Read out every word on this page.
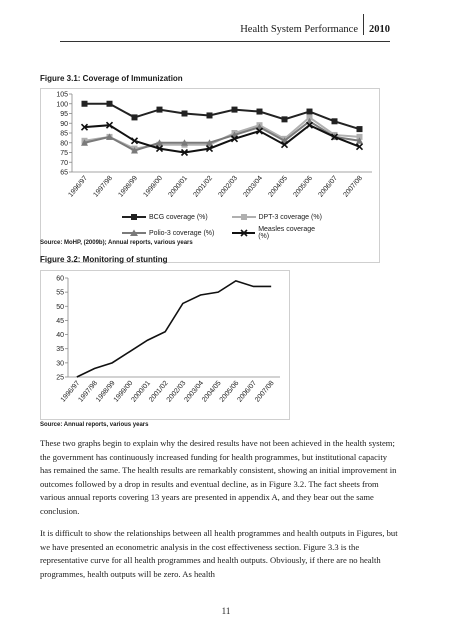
Health System Performance	2010
Figure 3.1: Coverage of Immunization
65
70
75
80
85
90
95
100
105
1996/97 1997/98 1998/99 1999/00 2000/01 2001/02 2002/03 2003/04 2004/05 2005/06 2006/07 2007/08
BCG coverage (%)	DPT-3 coverage (%)
Polio-3 coverage (%)	Measles coverage (%)
Source: MoHP, (2009b); Annual reports, various years
Figure 3.2: Monitoring of stunting
25
30
35
40
45
50
55
60
1996/97
1997/98
1998/99
1999/00
2000/01
2001/02
2002/03
2003/04
2004/05
2005/06
2006/07
2007/08
Source: Annual reports, various years

These two graphs begin to explain why the desired results have not been achieved in the health system; the government has continuously increased funding for health programmes, but institutional capacity has remained the same. The health results are remarkably consistent, showing an initial improvement in outcomes followed by a drop in results and eventual decline, as in Figure 3.2. The fact sheets from various annual reports covering 13 years are presented in appendix A, and they bear out the same conclusion.

It is difficult to show the relationships between all health programmes and health outputs in Figures, but we have presented an econometric analysis in the cost effectiveness section. Figure 3.3 is the representative curve for all health programmes and health outputs. Obviously, if there are no health programmes, health outputs will be zero. As health

11
